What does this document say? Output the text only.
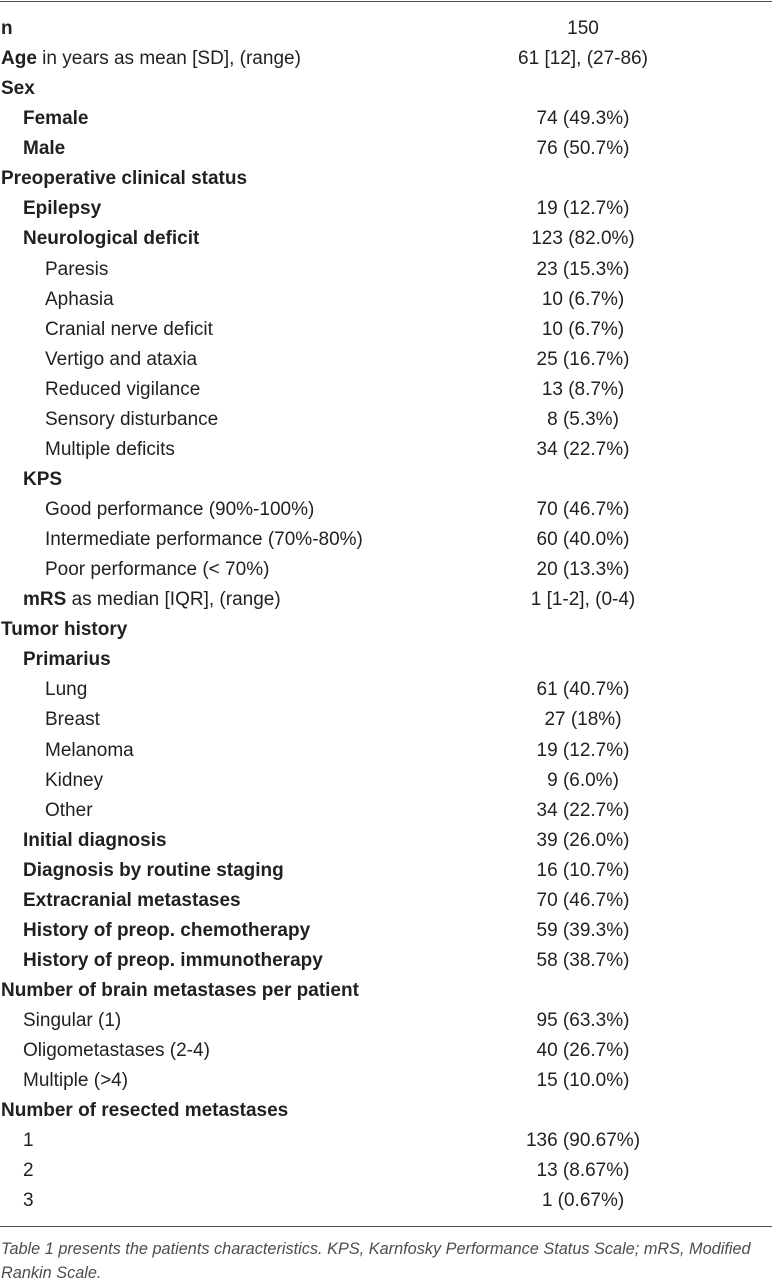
n	150
Age in years as mean [SD], (range)	61 [12], (27-86)
Sex
Female	74 (49.3%)
Male	76 (50.7%)
Preoperative clinical status
Epilepsy	19 (12.7%)
Neurological deficit	123 (82.0%)
Paresis	23 (15.3%)
Aphasia	10 (6.7%)
Cranial nerve deficit	10 (6.7%)
Vertigo and ataxia	25 (16.7%)
Reduced vigilance	13 (8.7%)
Sensory disturbance	8 (5.3%)
Multiple deficits	34 (22.7%)
KPS
Good performance (90%-100%)	70 (46.7%)
Intermediate performance (70%-80%)	60 (40.0%)
Poor performance (< 70%)	20 (13.3%)
mRS as median [IQR], (range)	1 [1-2], (0-4)
Tumor history
Primarius
Lung	61 (40.7%)
Breast	27 (18%)
Melanoma	19 (12.7%)
Kidney	9 (6.0%)
Other	34 (22.7%)
Initial diagnosis	39 (26.0%)
Diagnosis by routine staging	16 (10.7%)
Extracranial metastases	70 (46.7%)
History of preop. chemotherapy	59 (39.3%)
History of preop. immunotherapy	58 (38.7%)
Number of brain metastases per patient
Singular (1)	95 (63.3%)
Oligometastases (2-4)	40 (26.7%)
Multiple (>4)	15 (10.0%)
Number of resected metastases
1	136 (90.67%)
2	13 (8.67%)
3	1 (0.67%)
Table 1 presents the patients characteristics. KPS, Karnfosky Performance Status Scale; mRS, Modified Rankin Scale.
